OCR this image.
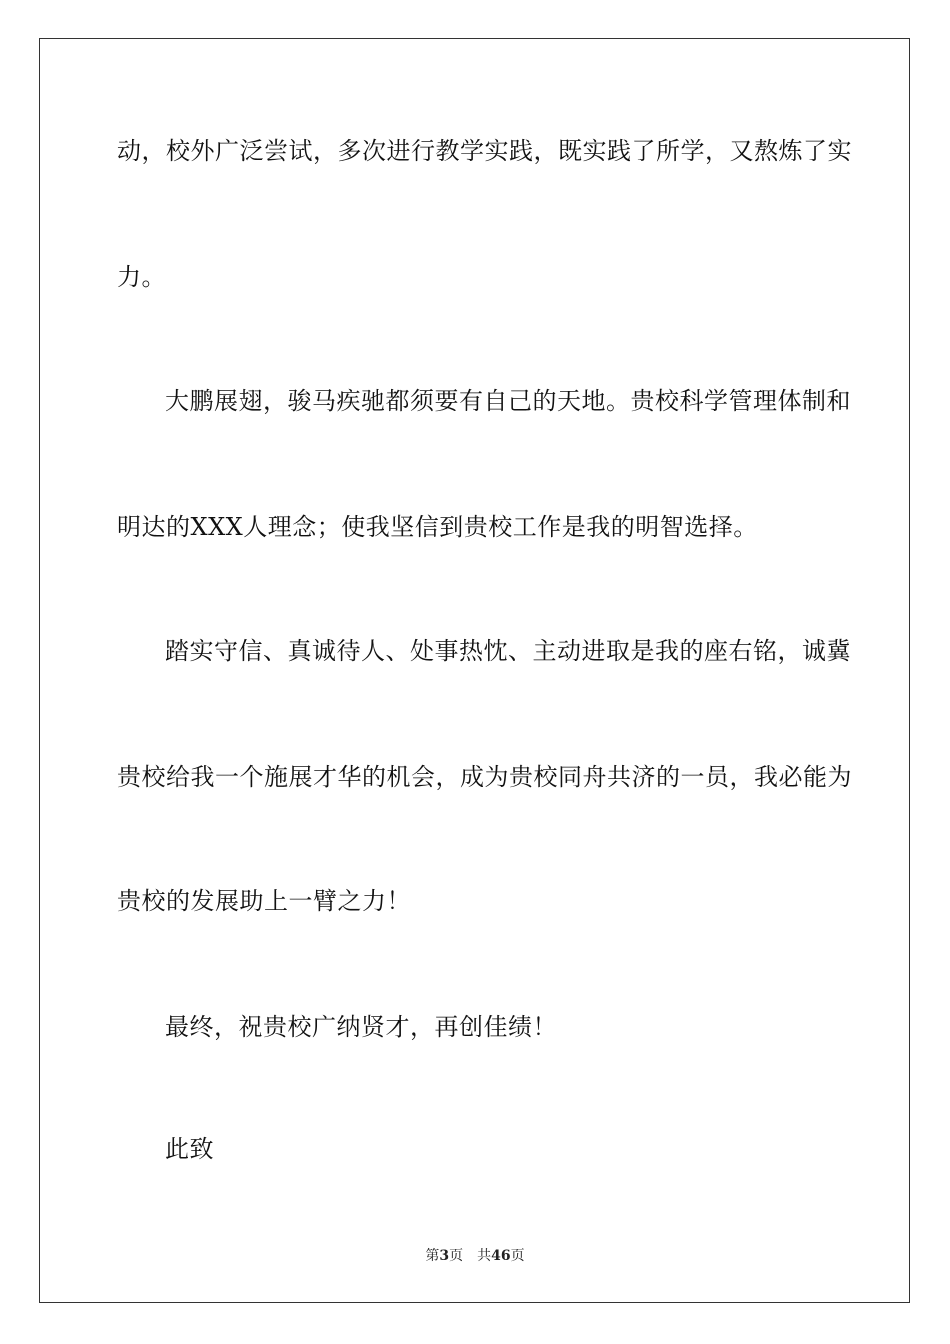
动，校外广泛尝试，多次进行教学实践，既实践了所学，又熬炼了实
力。
大鹏展翅，骏马疾驰都须要有自己的天地。贵校科学管理体制和
明达的XXX人理念；使我坚信到贵校工作是我的明智选择。
踏实守信、真诚待人、处事热忱、主动进取是我的座右铭，诚冀
贵校给我一个施展才华的机会，成为贵校同舟共济的一员，我必能为
贵校的发展助上一臂之力！
最终，祝贵校广纳贤才，再创佳绩！
此致
第3页 共46页
